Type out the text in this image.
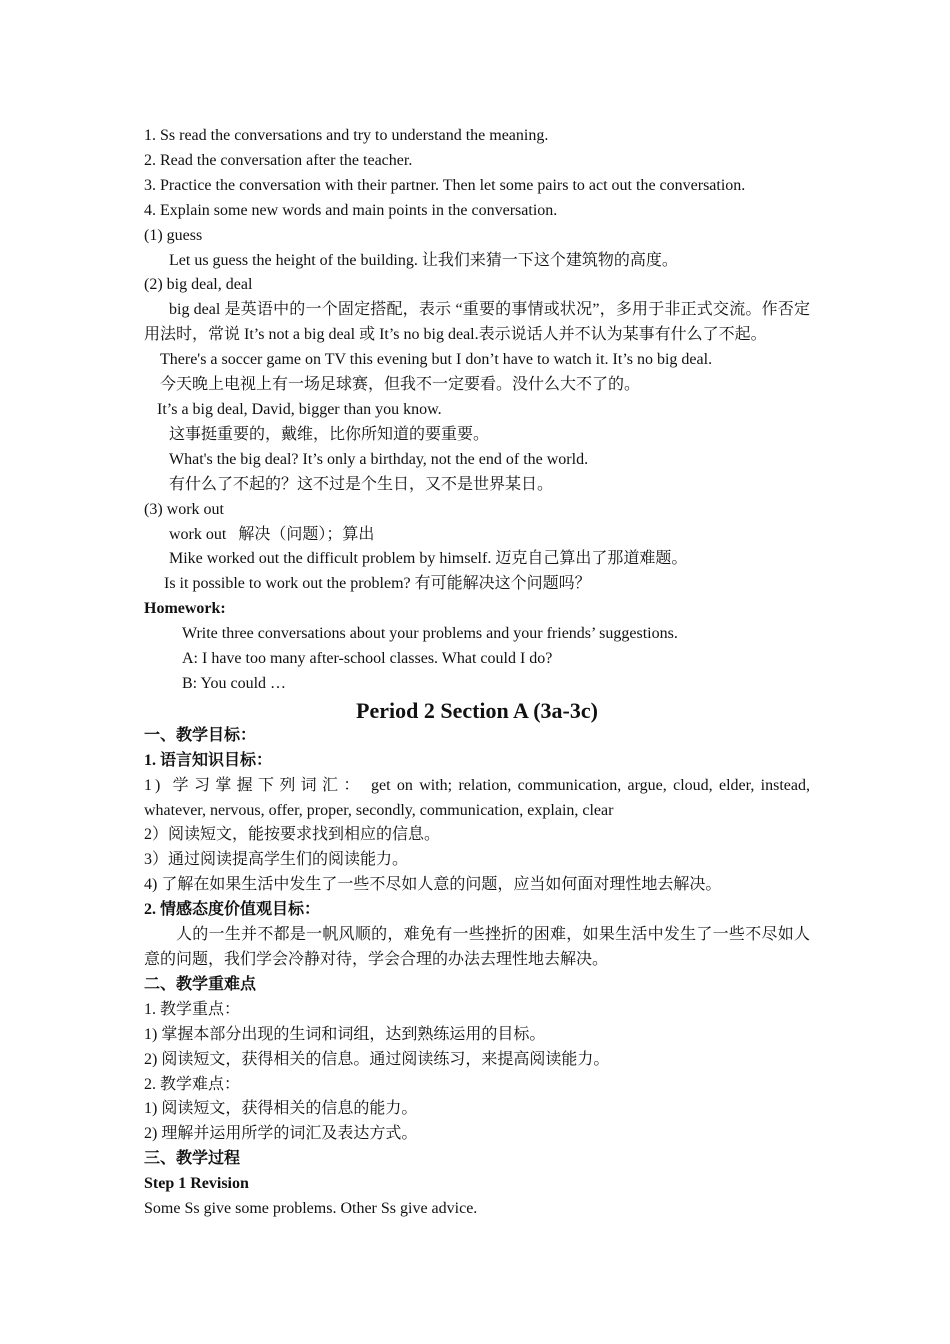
1. Ss read the conversations and try to understand the meaning.
2. Read the conversation after the teacher.
3. Practice the conversation with their partner. Then let some pairs to act out the conversation.
4. Explain some new words and main points in the conversation.
(1) guess
Let us guess the height of the building. 让我们来猜一下这个建筑物的高度。
(2) big deal, deal
big deal 是英语中的一个固定搭配，表示 “重要的事情或状况”，多用于非正式交流。作否定用法时，常说 It’s not a big deal 或 It’s no big deal.表示说话人并不认为某事有什么了不起。
There's a soccer game on TV this evening but I don’t have to watch it. It’s no big deal.
今天晚上电视上有一场足球赛，但我不一定要看。没什么大不了的。
It’s a big deal, David, bigger than you know.
这事挺重要的，戴维，比你所知道的要重要。
What's the big deal? It’s only a birthday, not the end of the world.
有什么了不起的？这不过是个生日，又不是世界某日。
(3) work out
work out   解决（问题）；算出
Mike worked out the difficult problem by himself. 迈克自己算出了那道难题。
Is it possible to work out the problem? 有可能解决这个问题吗？
Homework:
Write three conversations about your problems and your friends’ suggestions.
A: I have too many after-school classes. What could I do?
B: You could …
Period 2 Section A (3a-3c)
一、教学目标：
1. 语言知识目标：
1) 学习掌握下列词汇： get on with; relation, communication, argue, cloud, elder, instead, whatever, nervous, offer, proper, secondly, communication, explain, clear
2）阅读短文，能按要求找到相应的信息。
3）通过阅读提高学生们的阅读能力。
4) 了解在如果生活中发生了一些不尽如人意的问题，应当如何面对理性地去解决。
2. 情感态度价值观目标：
人的一生并不都是一帆风顺的，难免有一些挫折的困难，如果生活中发生了一些不尽如人意的问题，我们学会冷静对待，学会合理的办法去理性地去解决。
二、教学重难点
1. 教学重点：
1) 掌握本部分出现的生词和词组，达到熟练运用的目标。
2) 阅读短文，获得相关的信息。通过阅读练习，来提高阅读能力。
2. 教学难点：
1) 阅读短文，获得相关的信息的能力。
2) 理解并运用所学的词汇及表达方式。
三、教学过程
Step 1 Revision
Some Ss give some problems. Other Ss give advice.
